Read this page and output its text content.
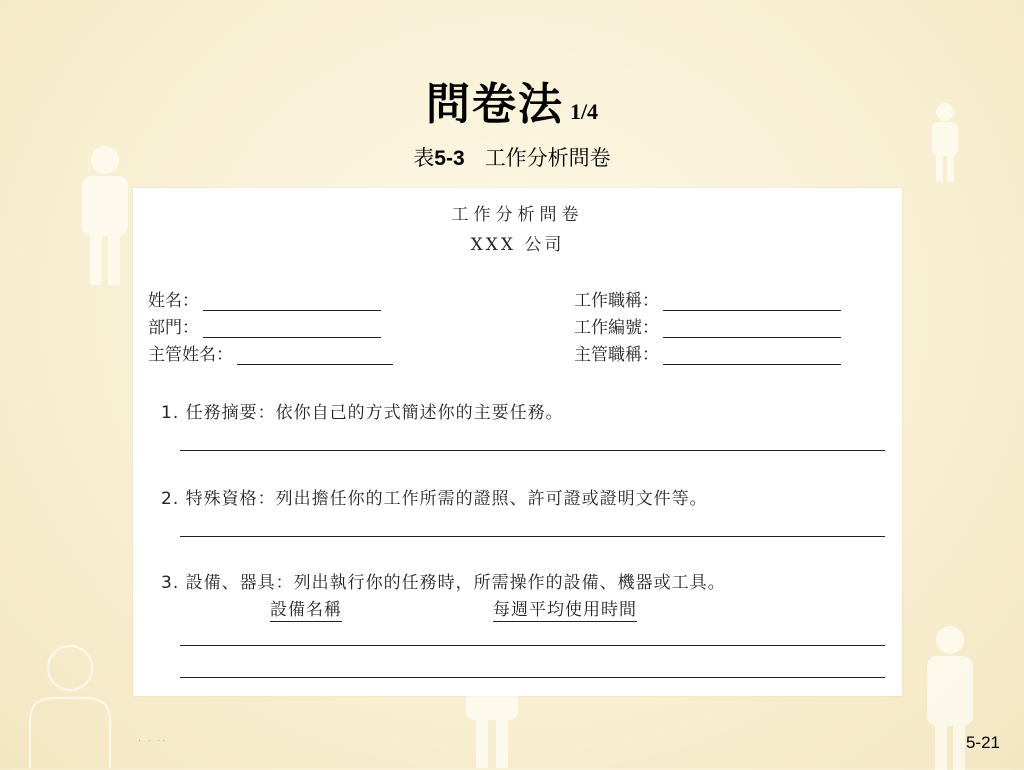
問卷法 1/4
表5-3 工作分析問卷
工作分析問卷
XXX 公司
姓名：
部門：
主管姓名：
工作職稱：
工作編號：
主管職稱：
1. 任務摘要：依你自己的方式簡述你的主要任務。
2. 特殊資格：列出擔任你的工作所需的證照、許可證或證明文件等。
3. 設備、器具：列出執行你的任務時，所需操作的設備、機器或工具。
設備名稱	每週平均使用時間
. . ..	5-21
